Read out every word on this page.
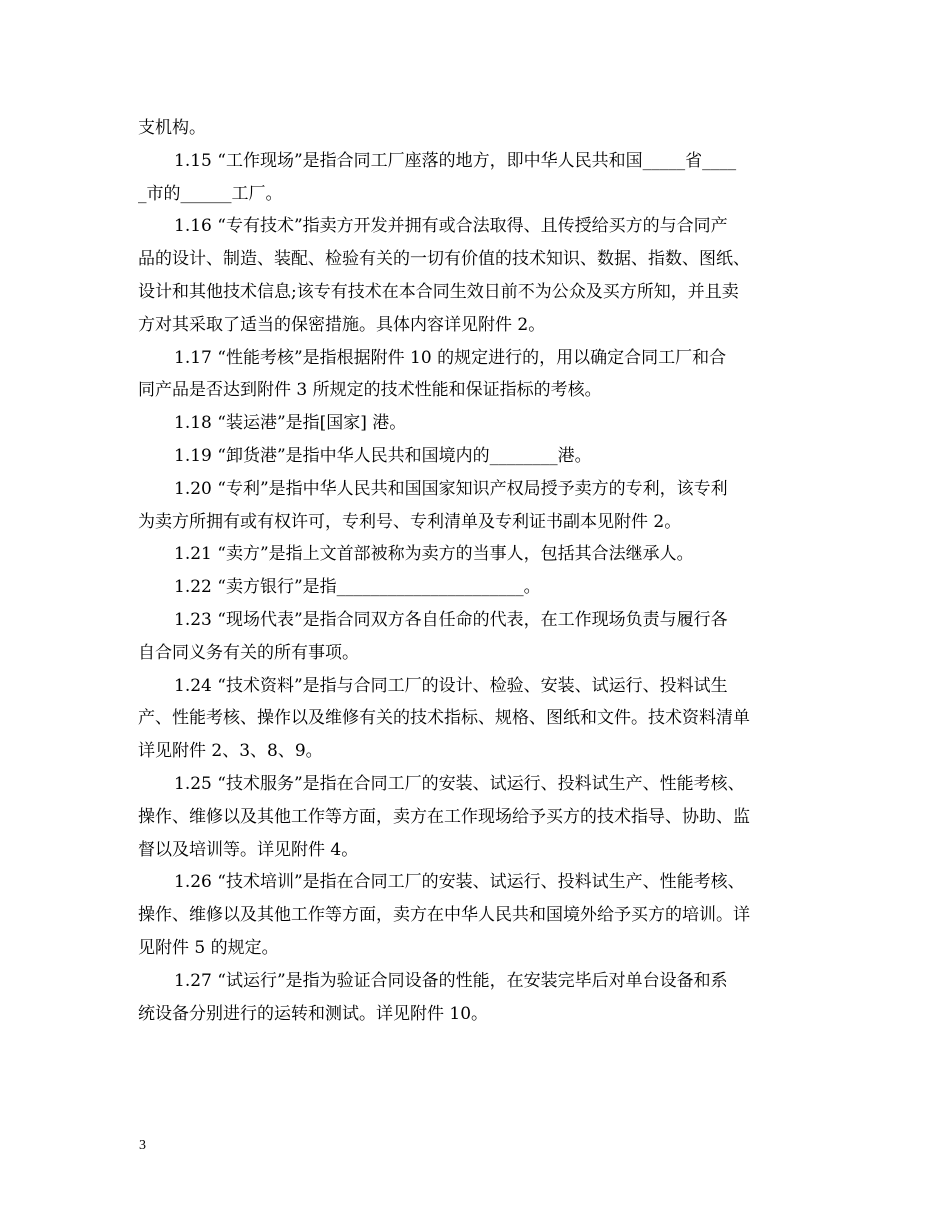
支机构。
1.15 “工作现场”是指合同工厂座落的地方，即中华人民共和国_____省____
_市的______工厂。
1.16 “专有技术”指卖方开发并拥有或合法取得、且传授给买方的与合同产
品的设计、制造、装配、检验有关的一切有价值的技术知识、数据、指数、图纸、
设计和其他技术信息;该专有技术在本合同生效日前不为公众及买方所知，并且卖
方对其采取了适当的保密措施。具体内容详见附件 2。
1.17 “性能考核”是指根据附件 10 的规定进行的，用以确定合同工厂和合
同产品是否达到附件 3 所规定的技术性能和保证指标的考核。
1.18 “装运港”是指[国家] 港。
1.19 “卸货港”是指中华人民共和国境内的________港。
1.20 “专利”是指中华人民共和国国家知识产权局授予卖方的专利，该专利
为卖方所拥有或有权许可，专利号、专利清单及专利证书副本见附件 2。
1.21 “卖方”是指上文首部被称为卖方的当事人，包括其合法继承人。
1.22 “卖方银行”是指______________________。
1.23 “现场代表”是指合同双方各自任命的代表，在工作现场负责与履行各
自合同义务有关的所有事项。
1.24 “技术资料”是指与合同工厂的设计、检验、安装、试运行、投料试生
产、性能考核、操作以及维修有关的技术指标、规格、图纸和文件。技术资料清单
详见附件 2、3、8、9。
1.25 “技术服务”是指在合同工厂的安装、试运行、投料试生产、性能考核、
操作、维修以及其他工作等方面，卖方在工作现场给予买方的技术指导、协助、监
督以及培训等。详见附件 4。
1.26 “技术培训”是指在合同工厂的安装、试运行、投料试生产、性能考核、
操作、维修以及其他工作等方面，卖方在中华人民共和国境外给予买方的培训。详
见附件 5 的规定。
1.27 “试运行”是指为验证合同设备的性能，在安装完毕后对单台设备和系
统设备分别进行的运转和测试。详见附件 10。
3
